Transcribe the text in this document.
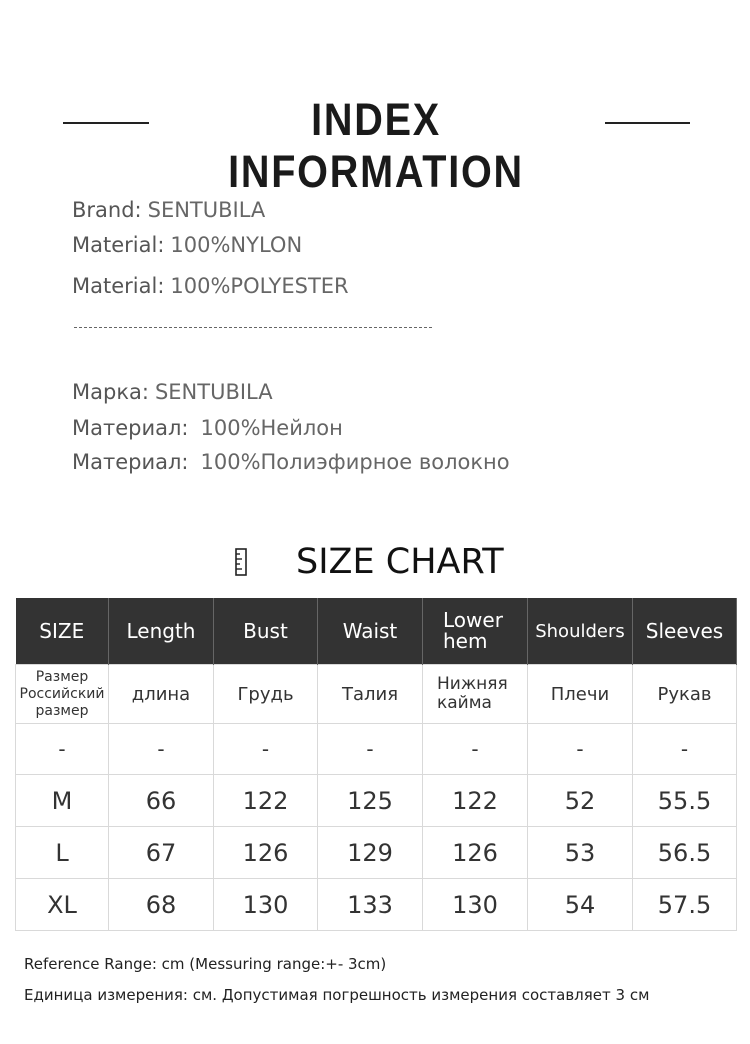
INDEX INFORMATION
Brand: SENTUBILA
Material: 100%NYLON
Material: 100%POLYESTER
Марка: SENTUBILA
Материал: 100%Нейлон
Материал: 100%Полиэфирное волокно
SIZE CHART
SIZE	Length	Bust	Waist	Lower hem	Shoulders	Sleeves
Размер Российский размер	длина	Грудь	Талия	Нижняя кайма	Плечи	Рукав
-	-	-	-	-	-	-
M	66	122	125	122	52	55.5
L	67	126	129	126	53	56.5
XL	68	130	133	130	54	57.5
Reference Range: cm (Messuring range:+- 3cm)
Единица измерения: см. Допустимая погрешность измерения составляет 3 см
